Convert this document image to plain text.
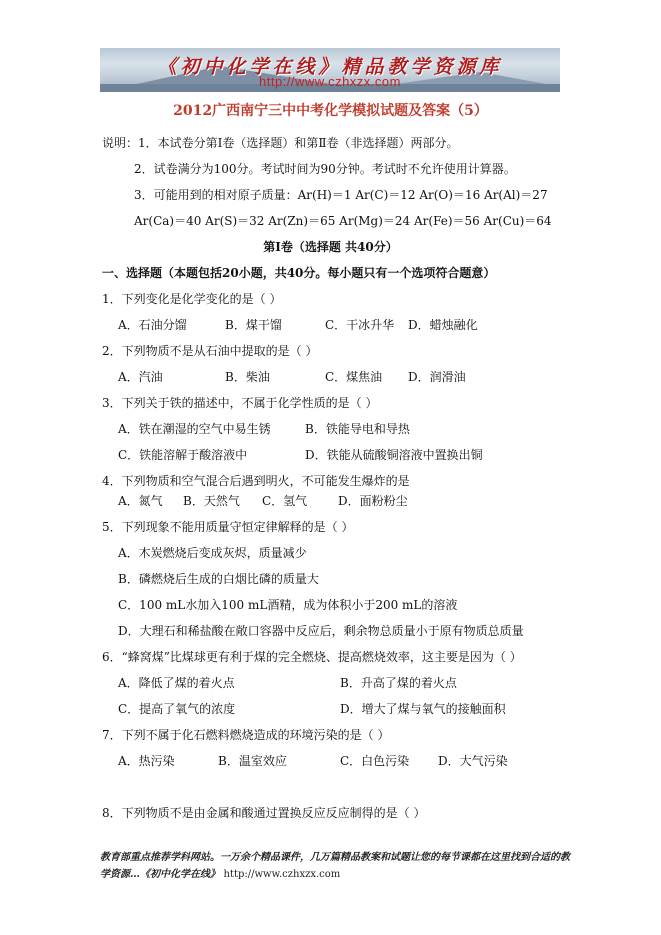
《初中化学在线》精品教学资源库
http://www.czhxzx.com
2012广西南宁三中中考化学模拟试题及答案（5）
说明：1．本试卷分第Ⅰ卷（选择题）和第Ⅱ卷（非选择题）两部分。
2．试卷满分为100分。考试时间为90分钟。考试时不允许使用计算器。
3．可能用到的相对原子质量：Ar(H)＝1 Ar(C)＝12 Ar(O)＝16 Ar(Al)＝27
Ar(Ca)＝40 Ar(S)＝32 Ar(Zn)＝65 Ar(Mg)＝24 Ar(Fe)＝56 Ar(Cu)＝64
第Ⅰ卷（选择题 共40分）
一、选择题（本题包括20小题，共40分。每小题只有一个选项符合题意）
1．下列变化是化学变化的是（ ）
A．石油分馏	B．煤干馏	C．干冰升华 D．蜡烛融化
2．下列物质不是从石油中提取的是（ ）
A．汽油	B．柴油	C．煤焦油 D．润滑油
3．下列关于铁的描述中，不属于化学性质的是（ ）
A．铁在潮湿的空气中易生锈	B．铁能导电和导热
C．铁能溶解于酸溶液中	D．铁能从硫酸铜溶液中置换出铜
4．下列物质和空气混合后遇到明火，不可能发生爆炸的是
A．氮气 B．天然气 C．氢气	D．面粉粉尘
5．下列现象不能用质量守恒定律解释的是（ ）
A．木炭燃烧后变成灰烬，质量减少
B．磷燃烧后生成的白烟比磷的质量大
C．100 mL水加入100 mL酒精，成为体积小于200 mL的溶液
D．大理石和稀盐酸在敞口容器中反应后，剩余物总质量小于原有物质总质量
6．“蜂窝煤”比煤球更有利于煤的完全燃烧、提高燃烧效率，这主要是因为（ ）
A．降低了煤的着火点	B．升高了煤的着火点
C．提高了氧气的浓度	D．增大了煤与氧气的接触面积
7．下列不属于化石燃料燃烧造成的环境污染的是（ ）
A．热污染	B．温室效应	C．白色污染 D．大气污染
8．下列物质不是由金属和酸通过置换反应反应制得的是（ ）
教育部重点推荐学科网站。一万余个精品课件，几万篇精品教案和试题让您的每节课都在这里找到合适的教学资源…《初中化学在线》 http://www.czhxzx.com
